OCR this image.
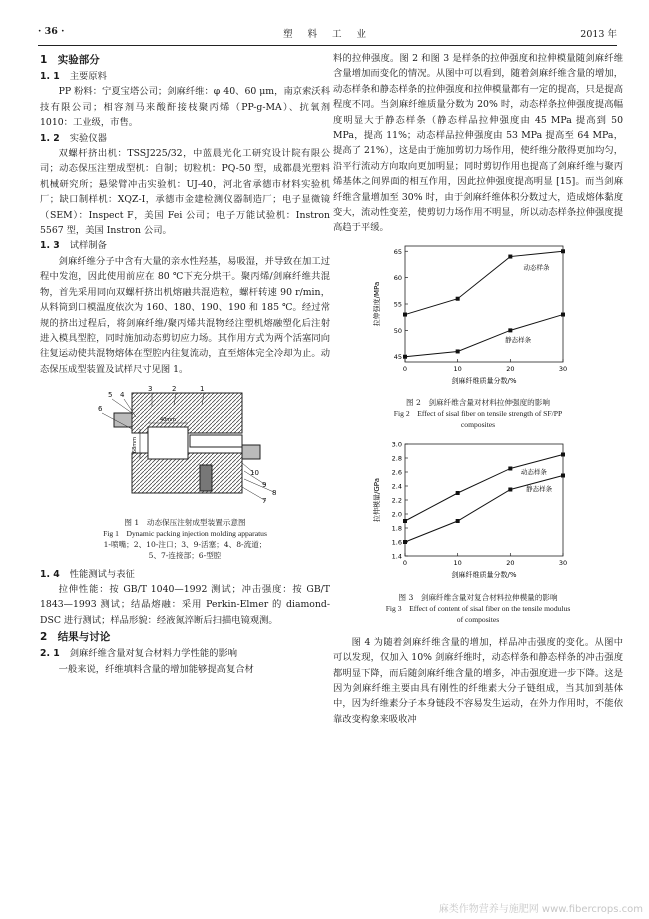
· 36 ·	塑 料 工 业	2013 年
1　实验部分
1. 1 主要原料

PP 粉料：宁夏宝塔公司；剑麻纤维：φ 40、60 μm，南京索沃科技有限公司；相容剂马来酸酐接枝聚丙烯（PP-g-MA）、抗氧剂 1010：工业级，市售。

1. 2 实验仪器

双螺杆挤出机：TSSJ225/32，中蓝晨光化工研究设计院有限公司；动态保压注塑成型机：自制；切粒机：PQ-50 型，成都晨光塑料机械研究所；悬梁臂冲击实验机：UJ-40，河北省承德市材料实验机厂；缺口制样机：XQZ-I，承德市金建检测仪器制造厂；电子显微镜（SEM）：Inspect F，美国 Fei 公司；电子万能试验机：Instron 5567 型，美国 Instron 公司。

1. 3 试样制备

剑麻纤维分子中含有大量的亲水性羟基，易吸湿，并导致在加工过程中发泡，因此使用前应在 80 ℃下充分烘干。聚丙烯/剑麻纤维共混物，首先采用同向双螺杆挤出机熔融共混造粒，螺杆转速 90 r/min，从料筒到口模温度依次为 160、180、190、190 和 185 ℃。经过常规的挤出过程后，将剑麻纤维/聚丙烯共混物经注塑机熔融塑化后注射进入模具型腔，同时施加动态剪切应力场。其作用方式为两个活塞同向往复运动使共混物熔体在型腔内往复流动，直至熔体完全冷却为止。动态保压成型装置及试样尺寸见图 1。

68mm
40mm
5 4
6
3	2	1
10
9
8
7
图 1　动态保压注射成型装置示意图
Fig 1　Dynamic packing injection molding apparatus
1-喷嘴；2、10-注口；3、9-活塞；4、8-流道；
5、7-连接部；6-型腔
1. 4 性能测试与表征

拉伸性能：按 GB/T 1040—1992 测试；冲击强度：按 GB/T 1843—1993 测试；结晶熔融：采用 Perkin-Elmer 的 diamond-DSC 进行测试；样品形貌：经液氮淬断后扫描电镜观测。

2　结果与讨论
2. 1 剑麻纤维含量对复合材料力学性能的影响

一般来说，纤维填料含量的增加能够提高复合材

料的拉伸强度。图 2 和图 3 是样条的拉伸强度和拉伸模量随剑麻纤维含量增加而变化的情况。从图中可以看到，随着剑麻纤维含量的增加，动态样条和静态样条的拉伸强度和拉伸模量都有一定的提高，只是提高程度不同。当剑麻纤维质量分数为 20% 时，动态样条拉伸强度提高幅度明显大于静态样条（静态样品拉伸强度由 45 MPa 提高到 50 MPa，提高 11%；动态样品拉伸强度由 53 MPa 提高至 64 MPa，提高了 21%），这是由于施加剪切力场作用，使纤维分散得更加均匀，沿平行流动方向取向更加明显；同时剪切作用也提高了剑麻纤维与聚丙烯基体之间界面的相互作用，因此拉伸强度提高明显 [15]。而当剑麻纤维含量增加至 30% 时，由于剑麻纤维体积分数过大，造成熔体黏度变大，流动性变差，使剪切力场作用不明显，所以动态样条拉伸强度提高趋于平缓。

45
50
55
60
65
0	10	20	30
剑麻纤维质量分数/%
拉伸强度/MPa
动态样条
静态样条
图 2　剑麻纤维含量对材料拉伸强度的影响
Fig 2　Effect of sisal fiber on tensile strength of SF/PP
composites
1.4
1.6
1.8
2.0
2.2
2.4
2.6
2.8
3.0
0	10	20	30
剑麻纤维质量分数/%
拉伸模量/GPa
动态样条
静态样条
图 3　剑麻纤维含量对复合材料拉伸模量的影响
Fig 3　Effect of content of sisal fiber on the tensile modulus
of composites

图 4 为随着剑麻纤维含量的增加，样品冲击强度的变化。从图中可以发现，仅加入 10% 剑麻纤维时，动态样条和静态样条的冲击强度都明显下降，而后随剑麻纤维含量的增多，冲击强度进一步下降。这是因为剑麻纤维主要由具有刚性的纤维素大分子链组成，当其加到基体中，因为纤维素分子本身链段不容易发生运动，在外力作用时，不能依靠改变构象来吸收冲

麻类作物营养与施肥网 www.fibercrops.com
